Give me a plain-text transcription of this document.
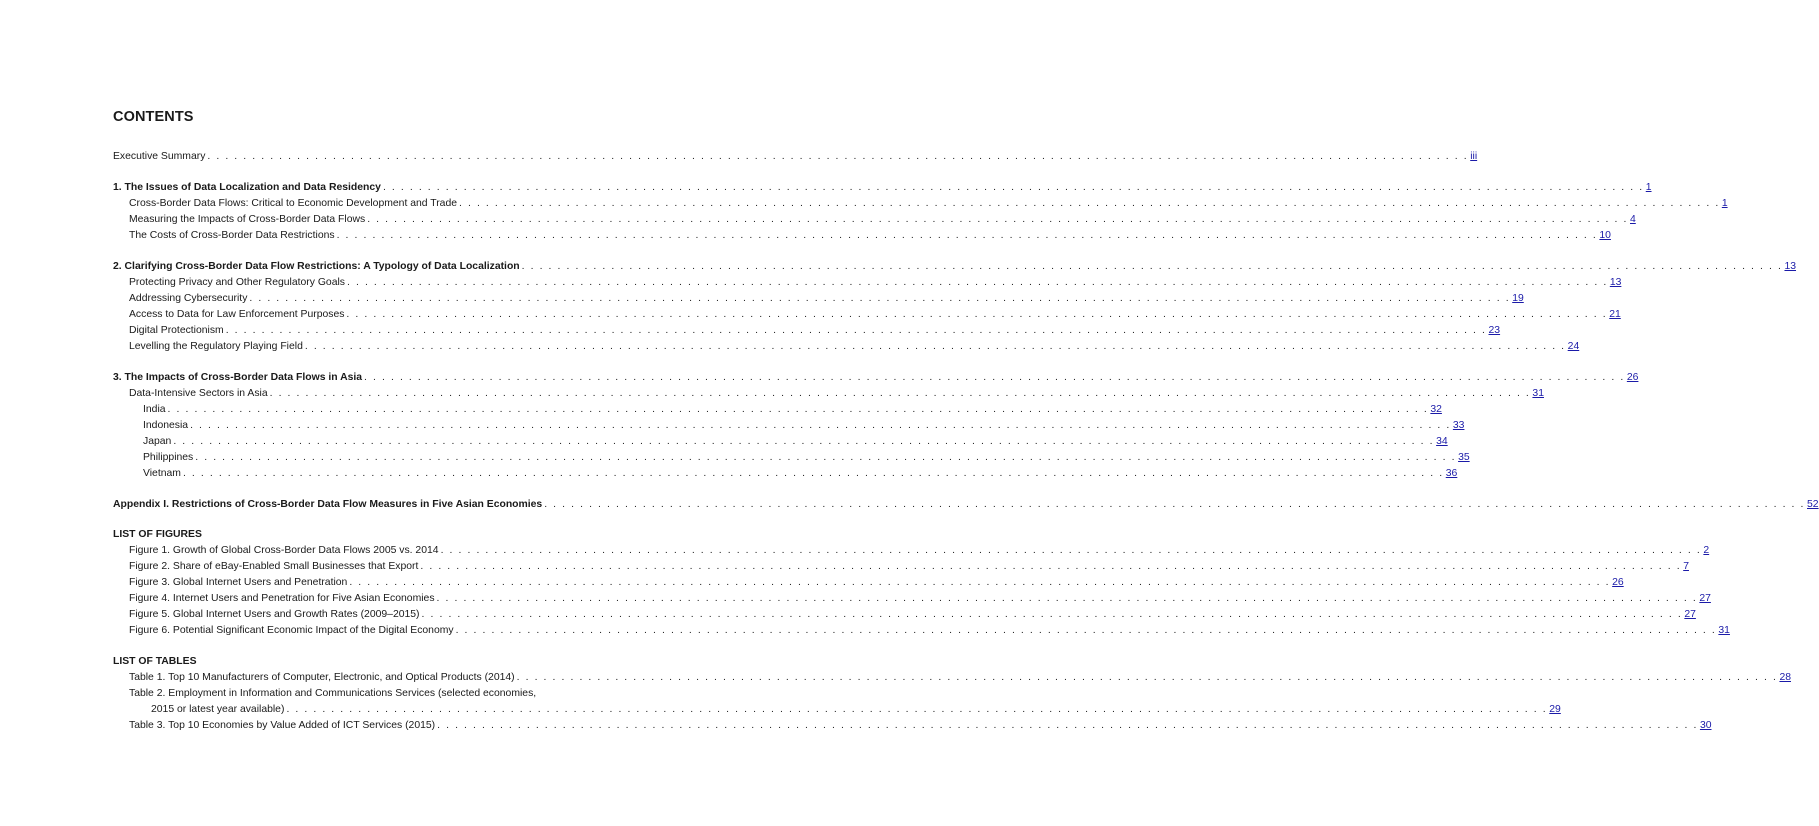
CONTENTS
Executive Summary . . .	iii
1. The Issues of Data Localization and Data Residency . . .	1
Cross-Border Data Flows: Critical to Economic Development and Trade . . .	1
Measuring the Impacts of Cross-Border Data Flows . . .	4
The Costs of Cross-Border Data Restrictions . . .	10
2. Clarifying Cross-Border Data Flow Restrictions: A Typology of Data Localization . . .	13
Protecting Privacy and Other Regulatory Goals . . .	13
Addressing Cybersecurity . . .	19
Access to Data for Law Enforcement Purposes . . .	21
Digital Protectionism . . .	23
Levelling the Regulatory Playing Field . . .	24
3. The Impacts of Cross-Border Data Flows in Asia . . .	26
Data-Intensive Sectors in Asia . . .	31
India . . .	32
Indonesia . . .	33
Japan . . .	34
Philippines . . .	35
Vietnam . . .	36
Appendix I. Restrictions of Cross-Border Data Flow Measures in Five Asian Economies . . .	52
LIST OF FIGURES
Figure 1. Growth of Global Cross-Border Data Flows 2005 vs. 2014 . . .	2
Figure 2. Share of eBay-Enabled Small Businesses that Export . . .	7
Figure 3. Global Internet Users and Penetration . . .	26
Figure 4. Internet Users and Penetration for Five Asian Economies . . .	27
Figure 5. Global Internet Users and Growth Rates (2009–2015) . . .	27
Figure 6. Potential Significant Economic Impact of the Digital Economy . . .	31
LIST OF TABLES
Table 1. Top 10 Manufacturers of Computer, Electronic, and Optical Products (2014) . . .	28
Table 2. Employment in Information and Communications Services (selected economies,
2015 or latest year available) . . .	29
Table 3. Top 10 Economies by Value Added of ICT Services (2015) . . .	30
